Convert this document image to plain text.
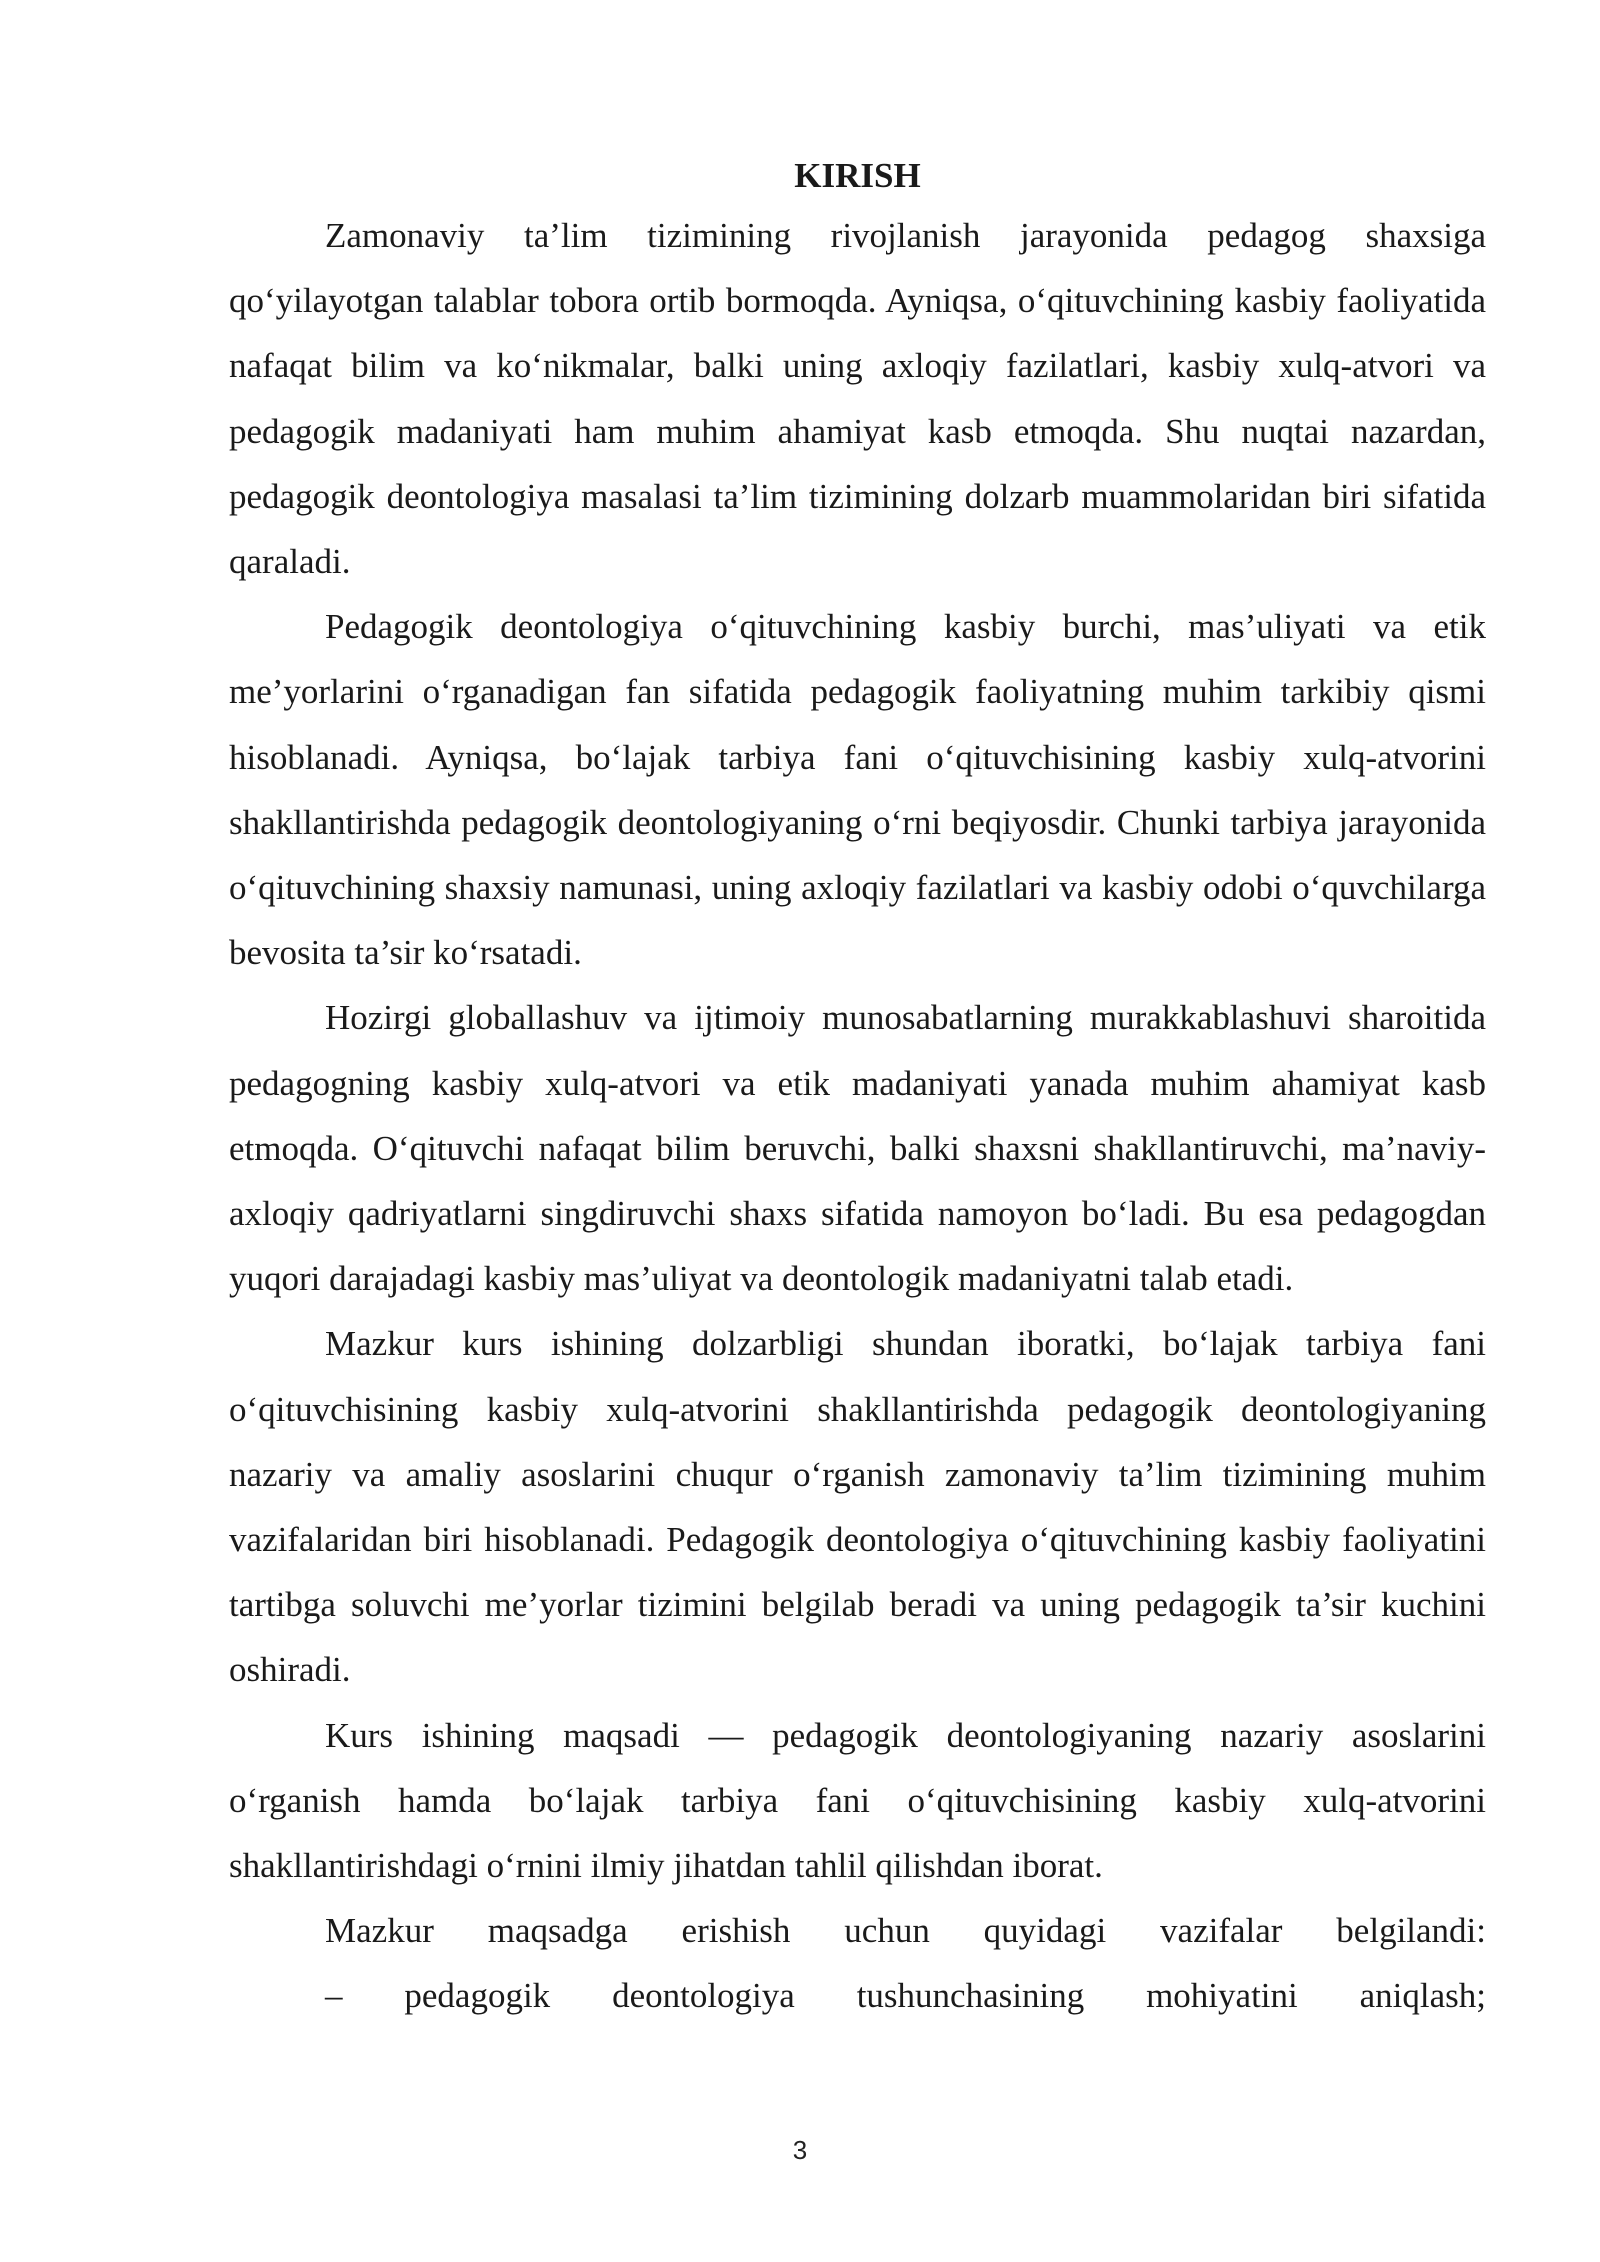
KIRISH

Zamonaviy ta’lim tizimining rivojlanish jarayonida pedagog shaxsiga qo‘yilayotgan talablar tobora ortib bormoqda. Ayniqsa, o‘qituvchining kasbiy faoliyatida nafaqat bilim va ko‘nikmalar, balki uning axloqiy fazilatlari, kasbiy xulq-atvori va pedagogik madaniyati ham muhim ahamiyat kasb etmoqda. Shu nuqtai nazardan, pedagogik deontologiya masalasi ta’lim tizimining dolzarb muammolaridan biri sifatida qaraladi.

Pedagogik deontologiya o‘qituvchining kasbiy burchi, mas’uliyati va etik me’yorlarini o‘rganadigan fan sifatida pedagogik faoliyatning muhim tarkibiy qismi hisoblanadi. Ayniqsa, bo‘lajak tarbiya fani o‘qituvchisining kasbiy xulq-atvorini shakllantirishda pedagogik deontologiyaning o‘rni beqiyosdir. Chunki tarbiya jarayonida o‘qituvchining shaxsiy namunasi, uning axloqiy fazilatlari va kasbiy odobi o‘quvchilarga bevosita ta’sir ko‘rsatadi.

Hozirgi globallashuv va ijtimoiy munosabatlarning murakkablashuvi sharoitida pedagogning kasbiy xulq-atvori va etik madaniyati yanada muhim ahamiyat kasb etmoqda. O‘qituvchi nafaqat bilim beruvchi, balki shaxsni shakllantiruvchi, ma’naviy-axloqiy qadriyatlarni singdiruvchi shaxs sifatida namoyon bo‘ladi. Bu esa pedagogdan yuqori darajadagi kasbiy mas’uliyat va deontologik madaniyatni talab etadi.

Mazkur kurs ishining dolzarbligi shundan iboratki, bo‘lajak tarbiya fani o‘qituvchisining kasbiy xulq-atvorini shakllantirishda pedagogik deontologiyaning nazariy va amaliy asoslarini chuqur o‘rganish zamonaviy ta’lim tizimining muhim vazifalaridan biri hisoblanadi. Pedagogik deontologiya o‘qituvchining kasbiy faoliyatini tartibga soluvchi me’yorlar tizimini belgilab beradi va uning pedagogik ta’sir kuchini oshiradi.

Kurs ishining maqsadi — pedagogik deontologiyaning nazariy asoslarini o‘rganish hamda bo‘lajak tarbiya fani o‘qituvchisining kasbiy xulq-atvorini shakllantirishdagi o‘rnini ilmiy jihatdan tahlil qilishdan iborat.

Mazkur maqsadga erishish uchun quyidagi vazifalar belgilandi:

– pedagogik deontologiya tushunchasining mohiyatini aniqlash;

3
